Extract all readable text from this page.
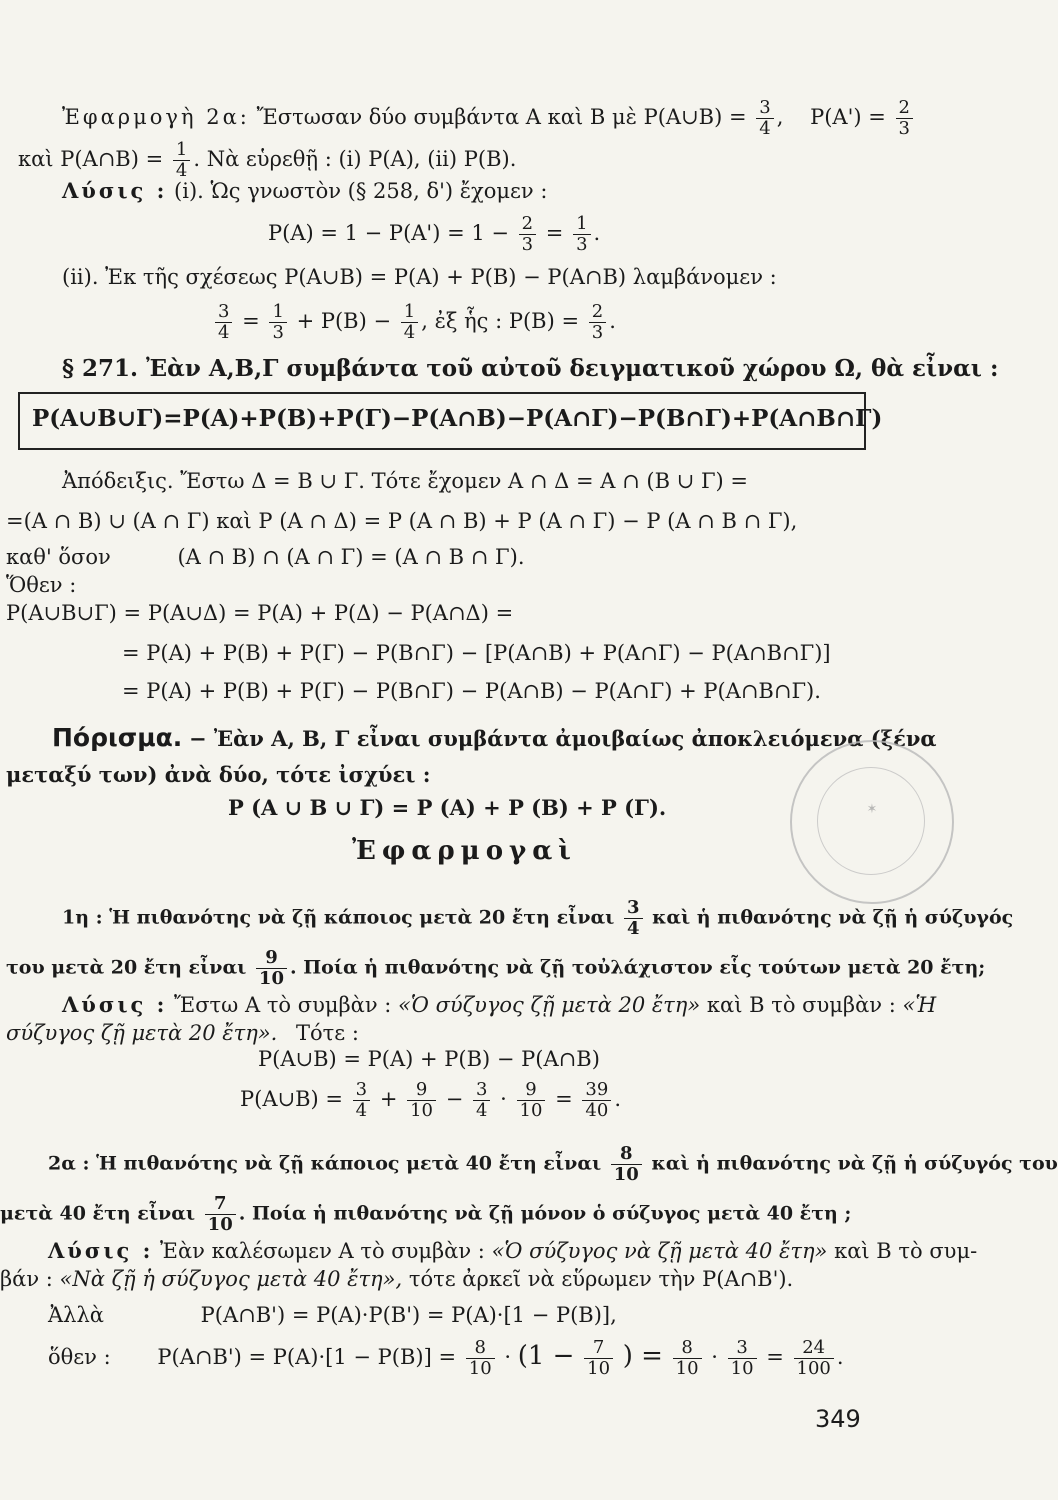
Ἐφαρμογὴ 2α: Ἔστωσαν δύο συμβάντα Α καὶ Β μὲ P(A∪B) = $\frac{3}{4}$ ,    $P(A') = \frac{2}{3}$
καὶ P(A∩B) = $\frac{1}{4}$ . Νὰ εὑρεθῇ : (i) P(A), (ii) P(B).
Λύσις : (i). Ὡς γνωστὸν (§ 258, δ') ἔχομεν :
$P(A) = 1 - P(A') = 1 - \frac{2}{3} = \frac{1}{3}$ .
(ii). Ἐκ τῆς σχέσεως P(A∪B) = P(A) + P(B) − P(A∩B) λαμβάνομεν :
$\frac{3}{4} = \frac{1}{3} + P(B) - \frac{1}{4}$ , ἐξ ἧς : $P(B) = \frac{2}{3}$ .
§ 271. Ἐὰν Α,Β,Γ συμβάντα τοῦ αὐτοῦ δειγματικοῦ χώρου Ω, θὰ εἶναι :
P(A∪B∪Γ)=P(A)+P(B)+P(Γ)−P(A∩B)−P(A∩Γ)−P(B∩Γ)+P(A∩B∩Γ)
Ἀπόδειξις. Ἔστω Δ = Β ∪ Γ. Τότε ἔχομεν Α ∩ Δ = Α ∩ (Β ∪ Γ) =
=(Α ∩ Β) ∪ (Α ∩ Γ) καὶ P (Α ∩ Δ) = P (Α ∩ Β) + P (Α ∩ Γ) − P (Α ∩ Β ∩ Γ),
καθ' ὅσον	(Α ∩ Β) ∩ (Α ∩ Γ) = (Α ∩ Β ∩ Γ).
Ὅθεν :
P(A∪B∪Γ) = P(A∪Δ) = P(A) + P(Δ) − P(A∩Δ) =
= P(A) + P(B) + P(Γ) − P(B∩Γ) − [P(A∩B) + P(A∩Γ) − P(A∩B∩Γ)]
= P(A) + P(B) + P(Γ) − P(B∩Γ) − P(A∩B) − P(A∩Γ) + P(A∩B∩Γ).
Πόρισμα. − Ἐὰν Α, Β, Γ εἶναι συμβάντα ἀμοιβαίως ἀποκλειόμενα (ξένα
μεταξύ των) ἀνὰ δύο, τότε ἰσχύει :
P (A ∪ B ∪ Γ) = P (A) + P (B) + P (Γ).
Ἐφαρμογαὶ
1η : Ἡ πιθανότης νὰ ζῇ κάποιος μετὰ 20 ἔτη εἶναι $\frac{3}{4}$ καὶ ἡ πιθανότης νὰ ζῇ ἡ σύζυγός
του μετὰ 20 ἔτη εἶναι $\frac{9}{10}$ . Ποία ἡ πιθανότης νὰ ζῇ τοὐλάχιστον εἷς τούτων μετὰ 20 ἔτη;
Λύσις : Ἔστω Α τὸ συμβὰν : «Ὁ σύζυγος ζῇ μετὰ 20 ἔτη» καὶ Β τὸ συμβὰν : «Ἡ
σύζυγος ζῇ μετὰ 20 ἔτη». Τότε :
P(A∪B) = P(A) + P(B) − P(A∩B)
P(A∪B) = $\frac{3}{4} + \frac{9}{10} - \frac{3}{4} \cdot \frac{9}{10} = \frac{39}{40}$ .
2α : Ἡ πιθανότης νὰ ζῇ κάποιος μετὰ 40 ἔτη εἶναι $\frac{8}{10}$ καὶ ἡ πιθανότης νὰ ζῇ ἡ σύζυγός του
μετὰ 40 ἔτη εἶναι $\frac{7}{10}$ . Ποία ἡ πιθανότης νὰ ζῇ μόνον ὁ σύζυγος μετὰ 40 ἔτη ;
Λύσις : Ἐὰν καλέσωμεν Α τὸ συμβὰν : «Ὁ σύζυγος νὰ ζῇ μετὰ 40 ἔτη» καὶ Β τὸ συμ-
βάν : «Νὰ ζῇ ἡ σύζυγος μετὰ 40 ἔτη», τότε ἀρκεῖ νὰ εὕρωμεν τὴν P(A∩B').
Ἀλλὰ	P(A∩B') = P(A)·P(B') = P(A)·[1 − P(B)],
ὅθεν : P(A∩B') = $P(A)\cdot[1 - P(B)] = \frac{8}{10} \cdot (1 - \frac{7}{10}$ ) = $\frac{8}{10} \cdot \frac{3}{10} = \frac{24}{100}$ .
✶
349
